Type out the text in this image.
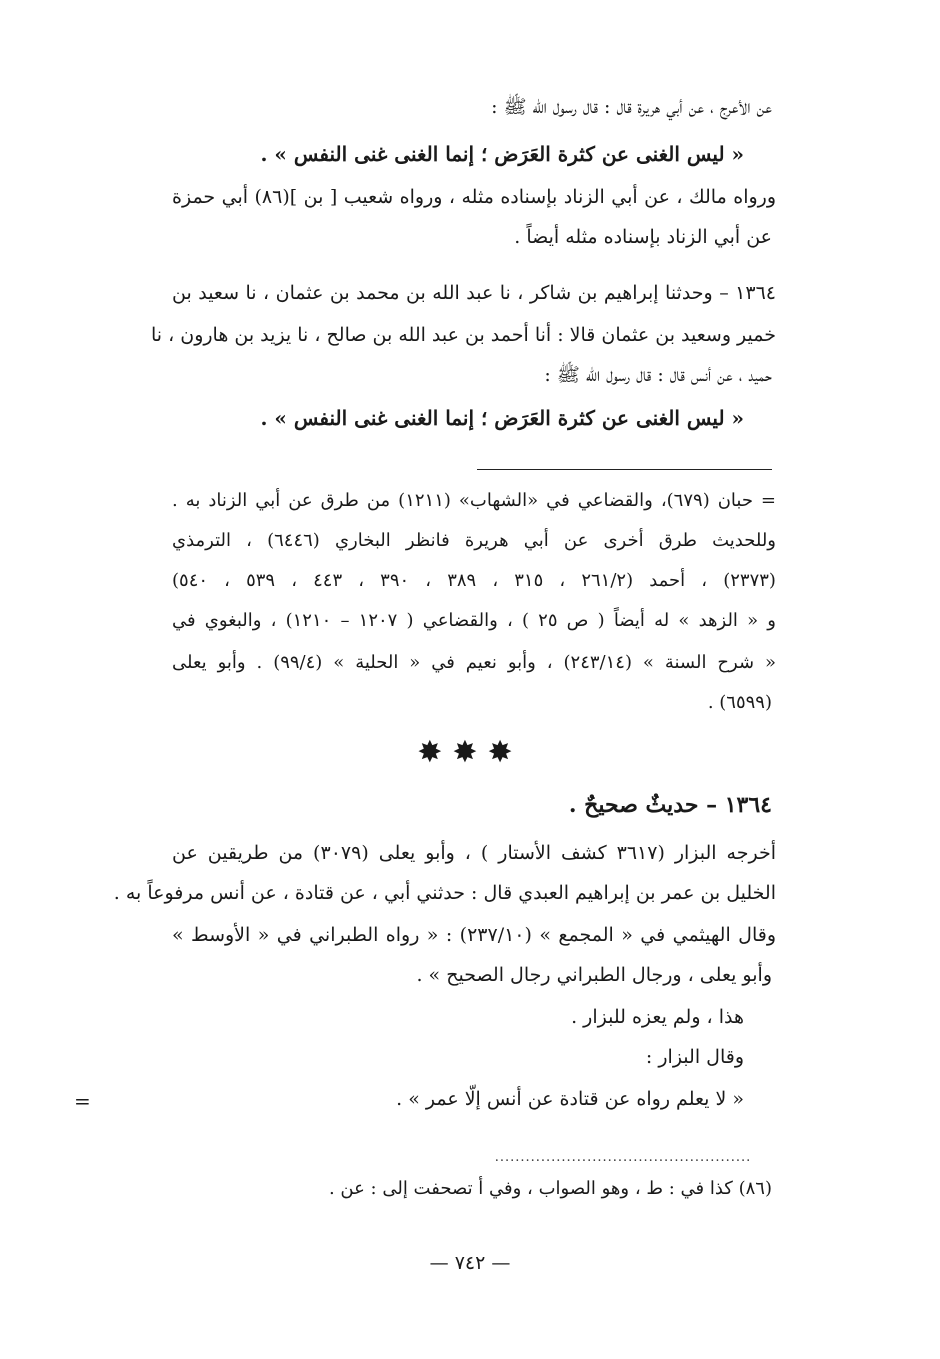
عن الأعرج ، عن أبي هريرة قال : قال رسول الله ﷺ :
« ليس الغنى عن كثرة العَرَض ؛ إنما الغنى غنى النفس » .
ورواه مالك ، عن أبي الزناد بإسناده مثله ، ورواه شعيب [ بن ](٨٦) أبي حمزة
عن أبي الزناد بإسناده مثله أيضاً .
١٣٦٤ – وحدثنا إبراهيم بن شاكر ، نا عبد الله بن محمد بن عثمان ، نا سعيد بن
خمير وسعيد بن عثمان قالا : أنا أحمد بن عبد الله بن صالح ، نا يزيد بن هارون ، نا
حميد ، عن أنس قال : قال رسول الله ﷺ :
« ليس الغنى عن كثرة العَرَض ؛ إنما الغنى غنى النفس » .
= حبان (٦٧٩)، والقضاعي في «الشهاب» (١٢١١) من طرق عن أبي الزناد به .
وللحديث طرق أخرى عن أبي هريرة فانظر البخاري (٦٤٤٦) ، الترمذي
(٢٣٧٣) ، أحمد (٢٦١/٢ ، ٣١٥ ، ٣٨٩ ، ٣٩٠ ، ٤٤٣ ، ٥٣٩ ، ٥٤٠)
و « الزهد » له أيضاً ( ص ٢٥ ) ، والقضاعي ( ١٢٠٧ – ١٢١٠) ، والبغوي في
« شرح السنة » (٢٤٣/١٤) ، وأبو نعيم في « الحلية » (٩٩/٤) . وأبو يعلى
(٦٥٩٩) .
✸✸✸
١٣٦٤ – حديثٌ صحيحٌ .
أخرجه البزار (٣٦١٧ كشف الأستار ) ، وأبو يعلى (٣٠٧٩) من طريقين عن
الخليل بن عمر بن إبراهيم العبدي قال : حدثني أبي ، عن قتادة ، عن أنس مرفوعاً به .
وقال الهيثمي في « المجمع » (٢٣٧/١٠) : « رواه الطبراني في « الأوسط »
وأبو يعلى ، ورجال الطبراني رجال الصحيح » .
هذا ، ولم يعزه للبزار .
وقال البزار :
« لا يعلم رواه عن قتادة عن أنس إلّا عمر » .
=
..................................................
(٨٦) كذا في : ط ، وهو الصواب ، وفي أ تصحفت إلى : عن .
— ٧٤٢ —
